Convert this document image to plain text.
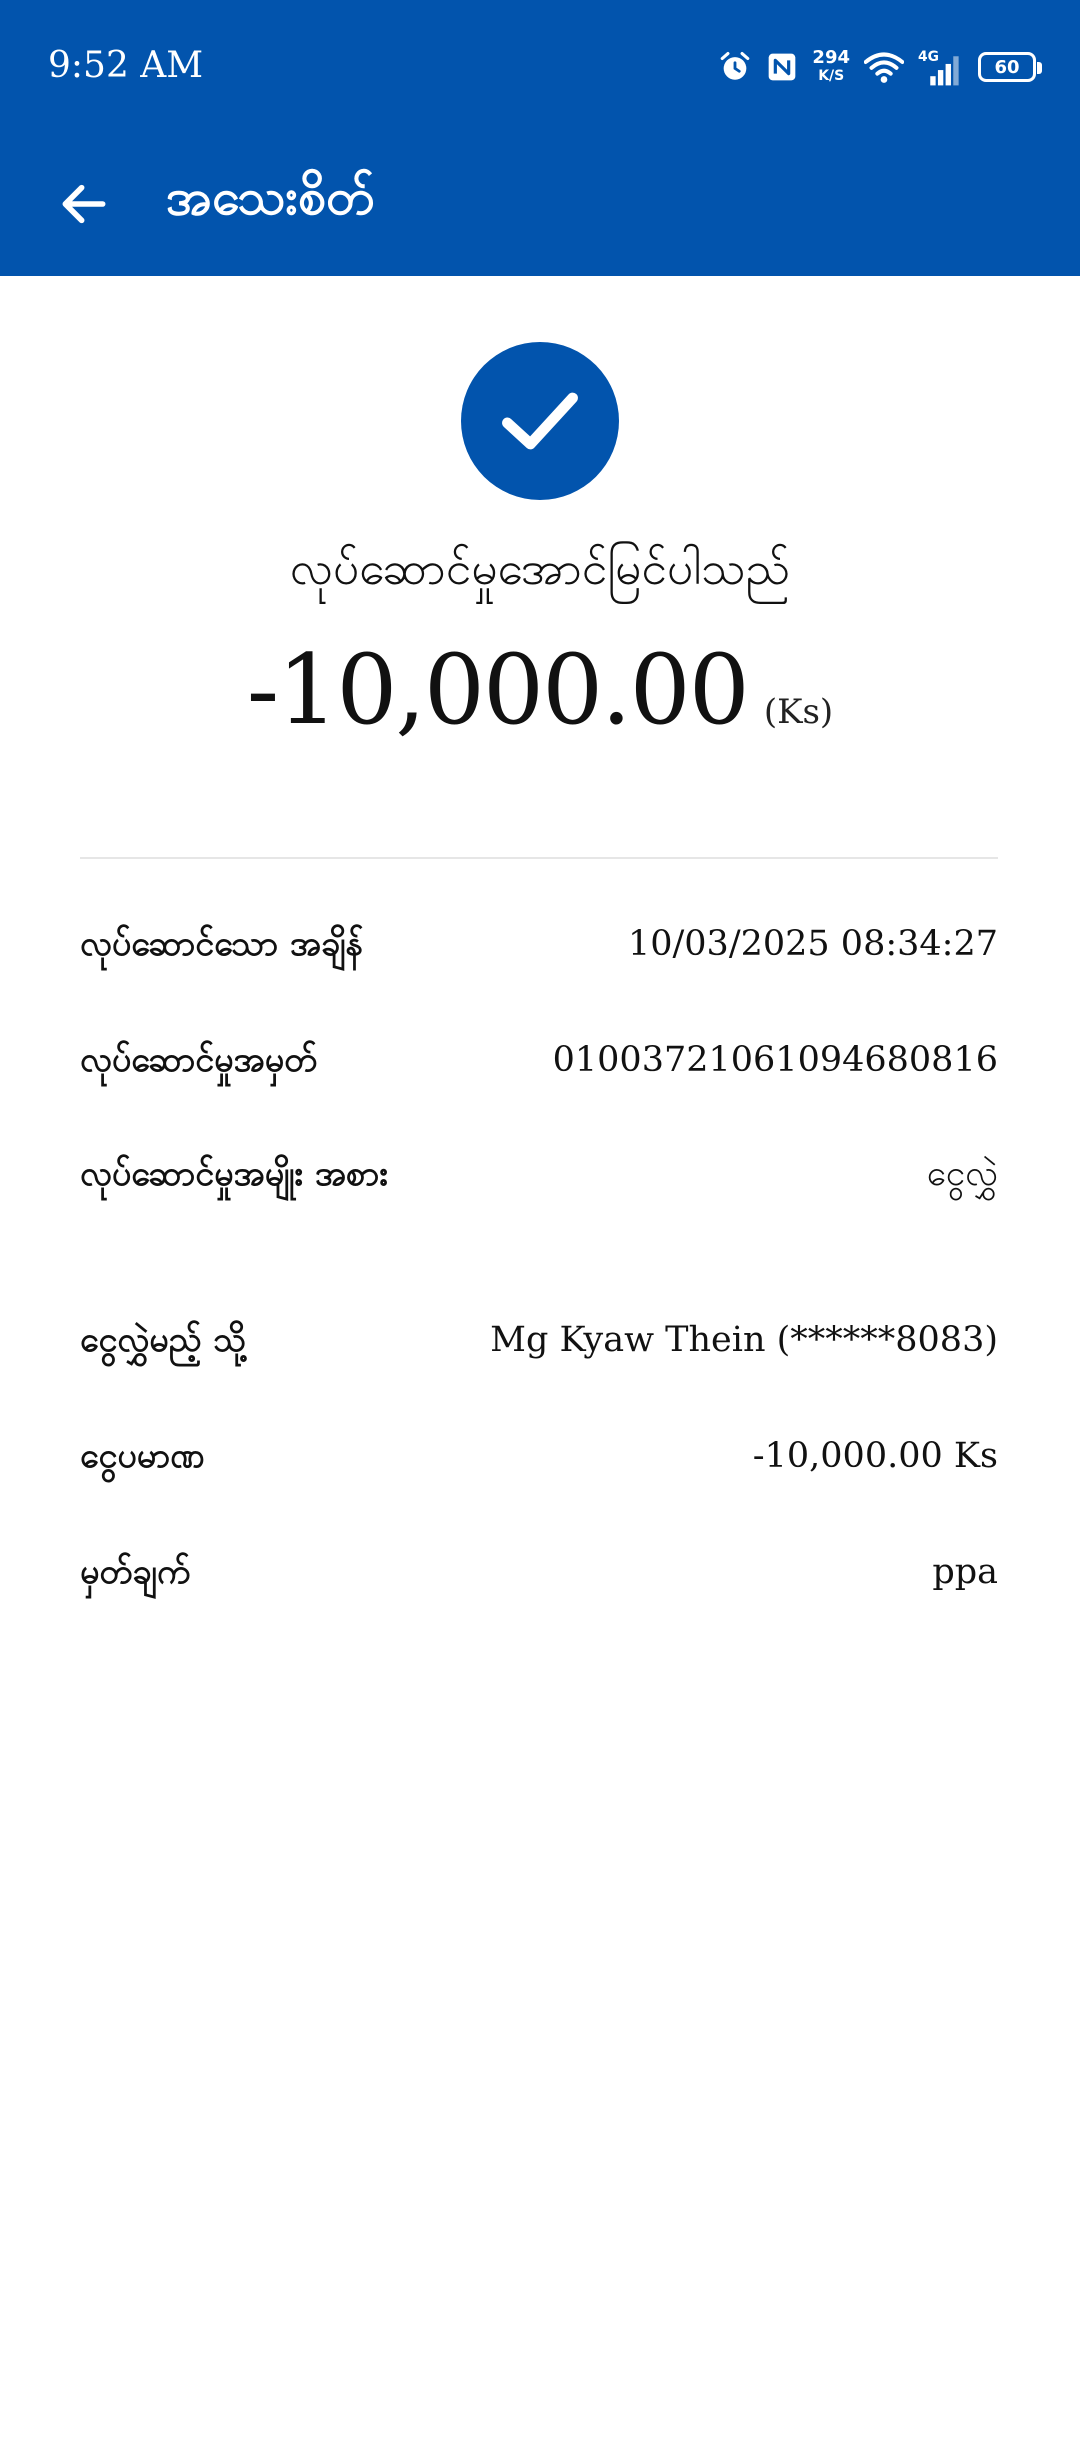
9:52 AM	294
K/S
4G	60
အသေးစိတ်
လုပ်ဆောင်မှုအောင်မြင်ပါသည်
-10,000.00 (Ks)
လုပ်ဆောင်သော အချိန်	10/03/2025 08:34:27
လုပ်ဆောင်မှုအမှတ်	01003721061094680816
လုပ်ဆောင်မှုအမျိုး အစား	ငွေလွှဲ
ငွေလွှဲမည့် သို့	Mg Kyaw Thein (******8083)
ငွေပမာဏ	-10,000.00 Ks
မှတ်ချက်	ppa
